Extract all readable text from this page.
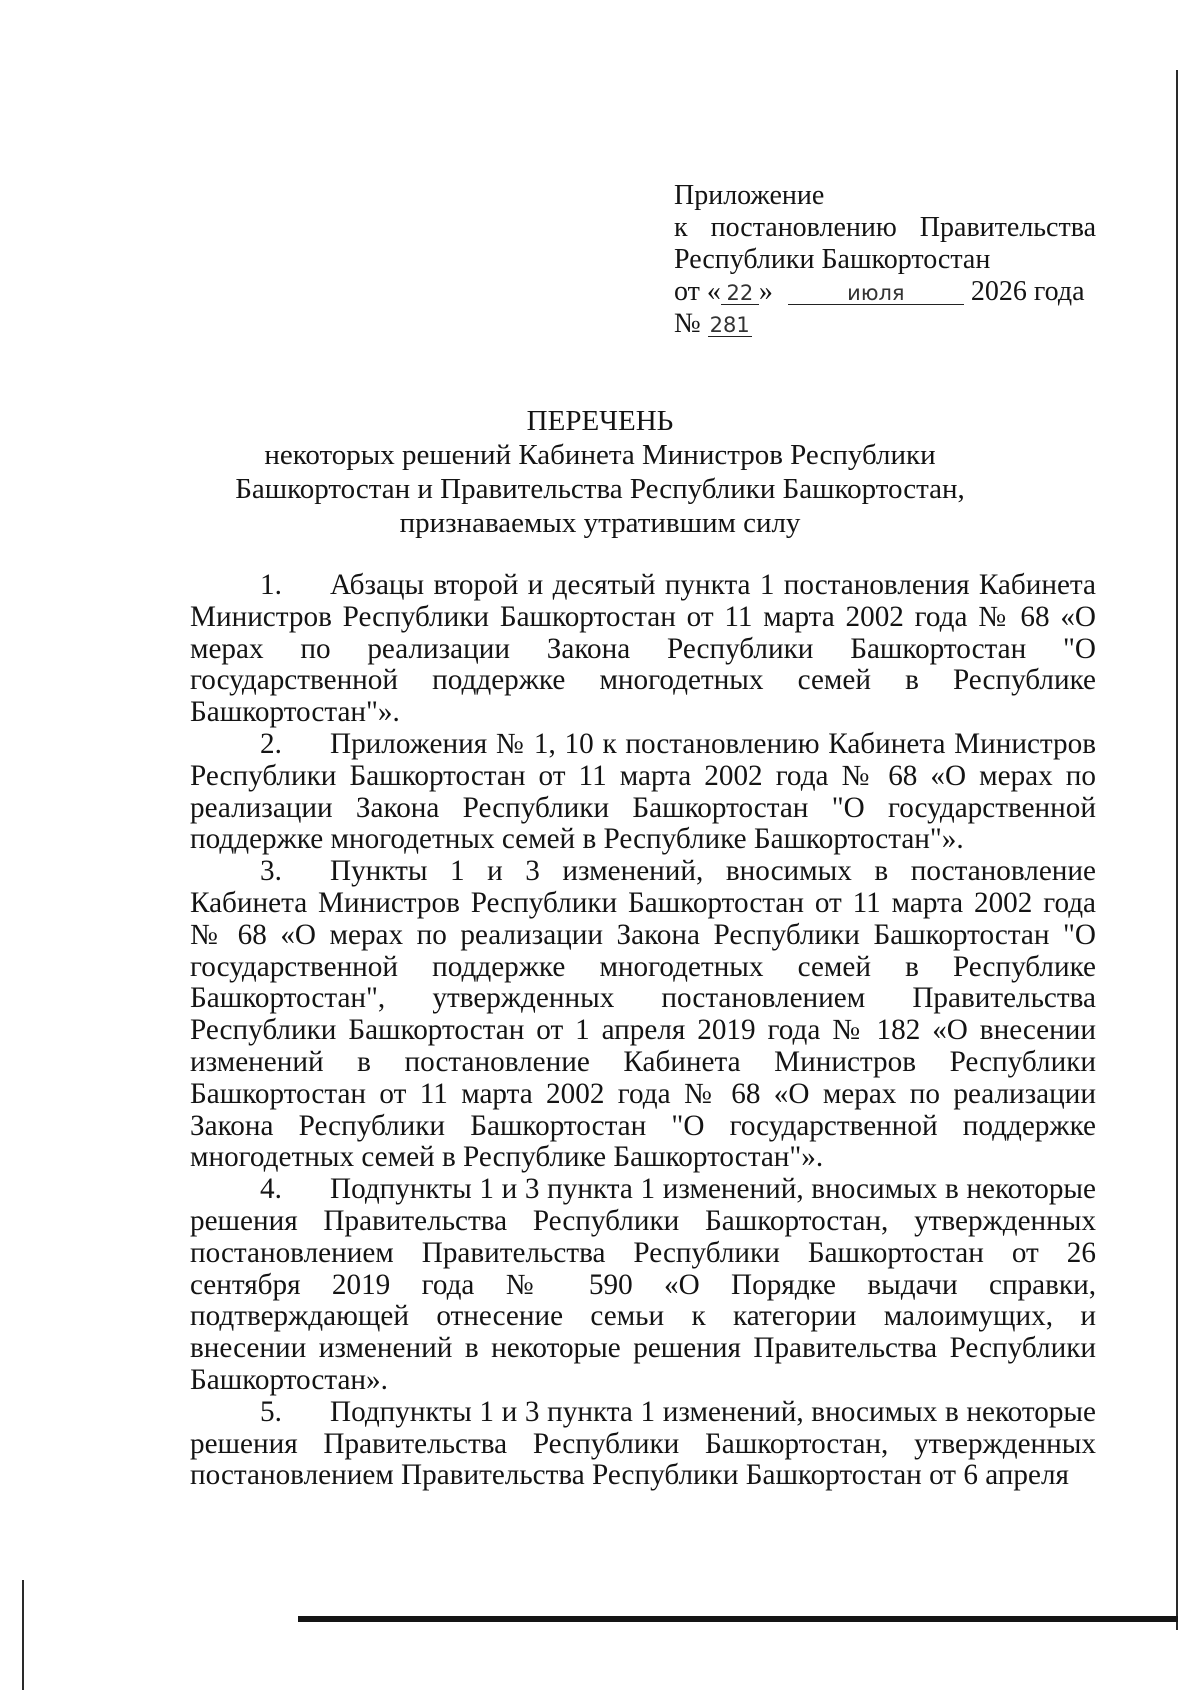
Приложение
к постановлению Правительства
Республики Башкортостан
от « 22 »	июля 2026 года
№ 281
ПЕРЕЧЕНЬ
некоторых решений Кабинета Министров Республики
Башкортостан и Правительства Республики Башкортостан,
признаваемых утратившим силу

1. Абзацы второй и десятый пункта 1 постановления Кабинета Министров Республики Башкортостан от 11 марта 2002 года № 68 «О мерах по реализации Закона Республики Башкортостан "О государственной поддержке многодетных семей в Республике Башкортостан"».

2. Приложения № 1, 10 к постановлению Кабинета Министров Республики Башкортостан от 11 марта 2002 года № 68 «О мерах по реализации Закона Республики Башкортостан "О государственной поддержке многодетных семей в Республике Башкортостан"».

3. Пункты 1 и 3 изменений, вносимых в постановление Кабинета Министров Республики Башкортостан от 11 марта 2002 года № 68 «О мерах по реализации Закона Республики Башкортостан "О государственной поддержке многодетных семей в Республике Башкортостан", утвержденных постановлением Правительства Республики Башкортостан от 1 апреля 2019 года № 182 «О внесении изменений в постановление Кабинета Министров Республики Башкортостан от 11 марта 2002 года № 68 «О мерах по реализации Закона Республики Башкортостан "О государственной поддержке многодетных семей в Республике Башкортостан"».

4. Подпункты 1 и 3 пункта 1 изменений, вносимых в некоторые решения Правительства Республики Башкортостан, утвержденных постановлением Правительства Республики Башкортостан от 26 сентября 2019 года № 590 «О Порядке выдачи справки, подтверждающей отнесение семьи к категории малоимущих, и внесении изменений в некоторые решения Правительства Республики Башкортостан».

5. Подпункты 1 и 3 пункта 1 изменений, вносимых в некоторые решения Правительства Республики Башкортостан, утвержденных постановлением Правительства Республики Башкортостан от 6 апреля
